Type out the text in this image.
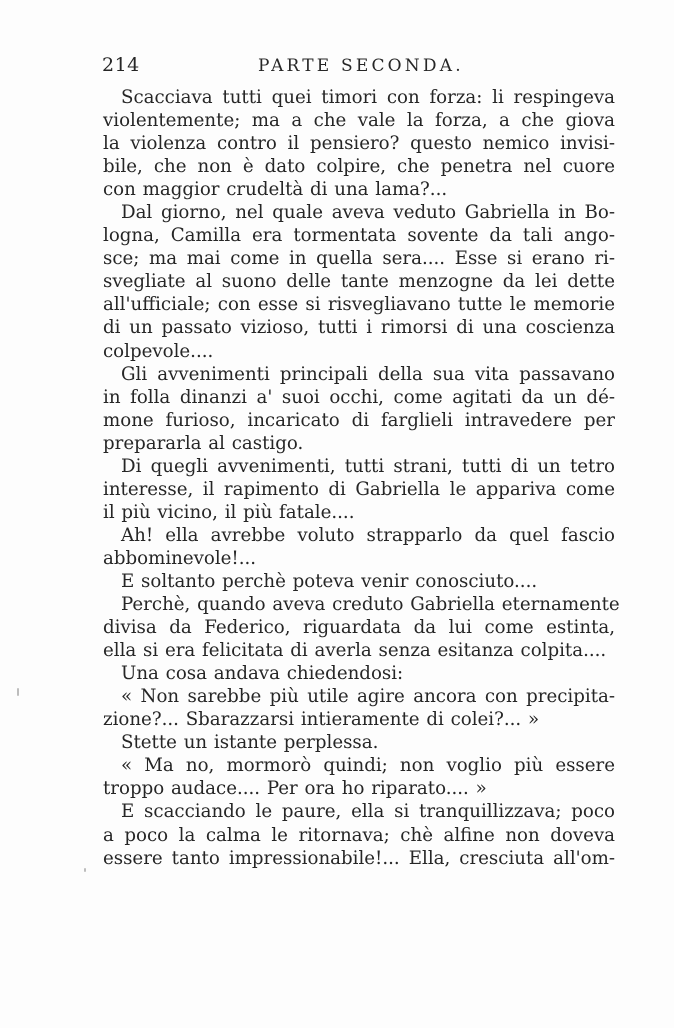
214	PARTE SECONDA.
Scacciava tutti quei timori con forza: li respingeva
violentemente; ma a che vale la forza, a che giova
la violenza contro il pensiero? questo nemico invisi-
bile, che non è dato colpire, che penetra nel cuore
con maggior crudeltà di una lama?...
Dal giorno, nel quale aveva veduto Gabriella in Bo-
logna, Camilla era tormentata sovente da tali ango-
sce; ma mai come in quella sera.... Esse si erano ri-
svegliate al suono delle tante menzogne da lei dette
all'ufficiale; con esse si risvegliavano tutte le memorie
di un passato vizioso, tutti i rimorsi di una coscienza
colpevole....
Gli avvenimenti principali della sua vita passavano
in folla dinanzi a' suoi occhi, come agitati da un dé-
mone furioso, incaricato di farglieli intravedere per
prepararla al castigo.
Di quegli avvenimenti, tutti strani, tutti di un tetro
interesse, il rapimento di Gabriella le appariva come
il più vicino, il più fatale....
Ah! ella avrebbe voluto strapparlo da quel fascio
abbominevole!...
E soltanto perchè poteva venir conosciuto....
Perchè, quando aveva creduto Gabriella eternamente
divisa da Federico, riguardata da lui come estinta,
ella si era felicitata di averla senza esitanza colpita....
Una cosa andava chiedendosi:
« Non sarebbe più utile agire ancora con precipita-
zione?... Sbarazzarsi intieramente di colei?... »
Stette un istante perplessa.
« Ma no, mormorò quindi; non voglio più essere
troppo audace.... Per ora ho riparato.... »
E scacciando le paure, ella si tranquillizzava; poco
a poco la calma le ritornava; chè alfine non doveva
essere tanto impressionabile!... Ella, cresciuta all'om-
